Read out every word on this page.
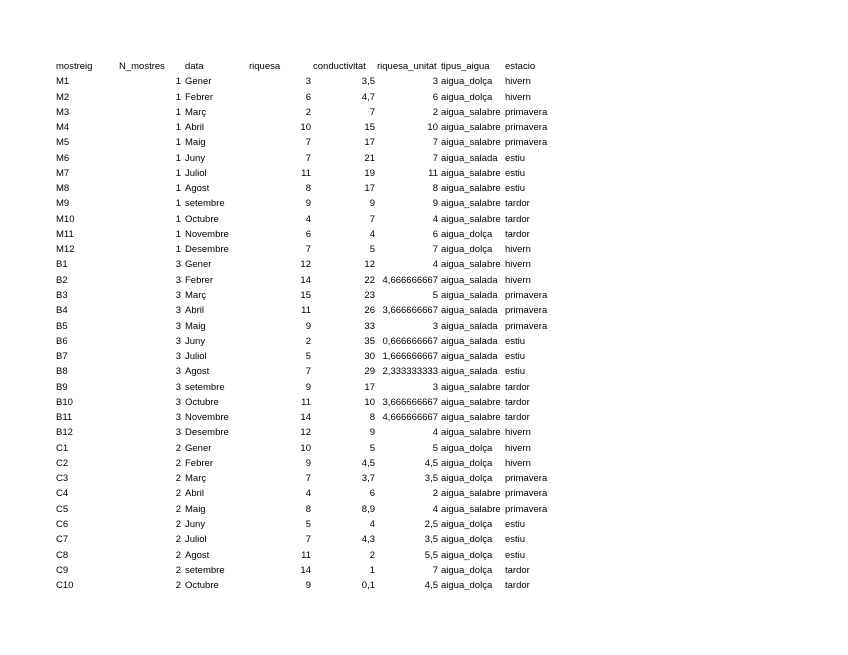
mostreig	N_mostres	data	riquesa	conductivitat	riquesa_unitat tipus_aigua	estacio
M1	1 Gener	3	3,5	3 aigua_dolça	hivern
M2	1 Febrer	6	4,7	6 aigua_dolça	hivern
M3	1 Març	2	7	2 aigua_salabre primavera
M4	1 Abril	10	15	10 aigua_salabre primavera
M5	1 Maig	7	17	7 aigua_salabre primavera
M6	1 Juny	7	21	7 aigua_salada estiu
M7	1 Juliol	11	19	11 aigua_salabre estiu
M8	1 Agost	8	17	8 aigua_salabre estiu
M9	1 setembre	9	9	9 aigua_salabre tardor
M10	1 Octubre	4	7	4 aigua_salabre tardor
M11	1 Novembre	6	4	6 aigua_dolça	tardor
M12	1 Desembre	7	5	7 aigua_dolça	hivern
B1	3 Gener	12	12	4 aigua_salabre hivern
B2	3 Febrer	14	22 4,666666667 aigua_salada hivern
B3	3 Març	15	23	5 aigua_salada primavera
B4	3 Abril	11	26 3,666666667 aigua_salada primavera
B5	3 Maig	9	33	3 aigua_salada primavera
B6	3 Juny	2	35 0,666666667 aigua_salada estiu
B7	3 Juliol	5	30 1,666666667 aigua_salada estiu
B8	3 Agost	7	29 2,333333333 aigua_salada estiu
B9	3 setembre	9	17	3 aigua_salabre tardor
B10	3 Octubre	11	10 3,666666667 aigua_salabre tardor
B11	3 Novembre	14	8 4,666666667 aigua_salabre tardor
B12	3 Desembre	12	9	4 aigua_salabre hivern
C1	2 Gener	10	5	5 aigua_dolça	hivern
C2	2 Febrer	9	4,5	4,5 aigua_dolça	hivern
C3	2 Març	7	3,7	3,5 aigua_dolça	primavera
C4	2 Abril	4	6	2 aigua_salabre primavera
C5	2 Maig	8	8,9	4 aigua_salabre primavera
C6	2 Juny	5	4	2,5 aigua_dolça	estiu
C7	2 Juliol	7	4,3	3,5 aigua_dolça	estiu
C8	2 Agost	11	2	5,5 aigua_dolça	estiu
C9	2 setembre	14	1	7 aigua_dolça	tardor
C10	2 Octubre	9	0,1	4,5 aigua_dolça	tardor
